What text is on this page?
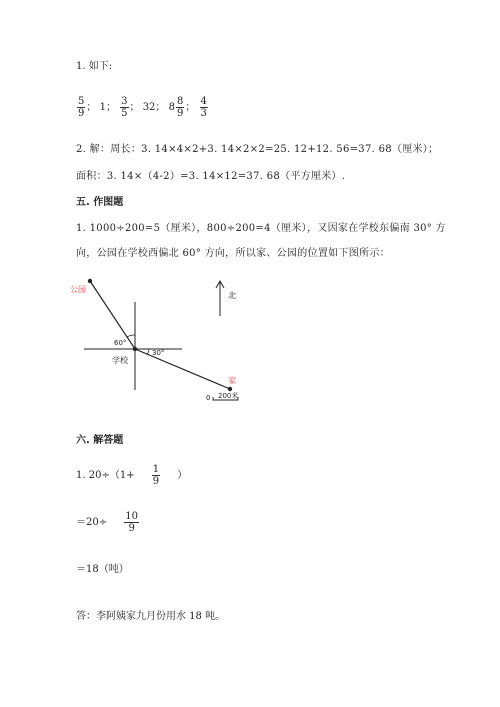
1. 如下:
$\frac{5}{9}$ ； 1； $\frac{3}{5}$ ； 32； $8 \frac{8}{9}$ ； $\frac{4}{3}$
2. 解：周长：3. 14×4×2+3. 14×2×2=25. 12+12. 56=37. 68（厘米）；
面积：3. 14×（4-2）=3. 14×12=37. 68（平方厘米）.
五. 作图题
1. 1000÷200=5（厘米），800÷200=4（厘米），又因家在学校东偏南 30° 方
向，公园在学校西偏北 60° 方向，所以家、公园的位置如下图所示：
公园
学校
家
60°
30°
北
0 200米
六. 解答题
1. $20\div(1+ \frac{1}{9}$ ）
$=20\div \frac{10}{9}$
＝18（吨）
答：李阿姨家九月份用水 18 吨。
